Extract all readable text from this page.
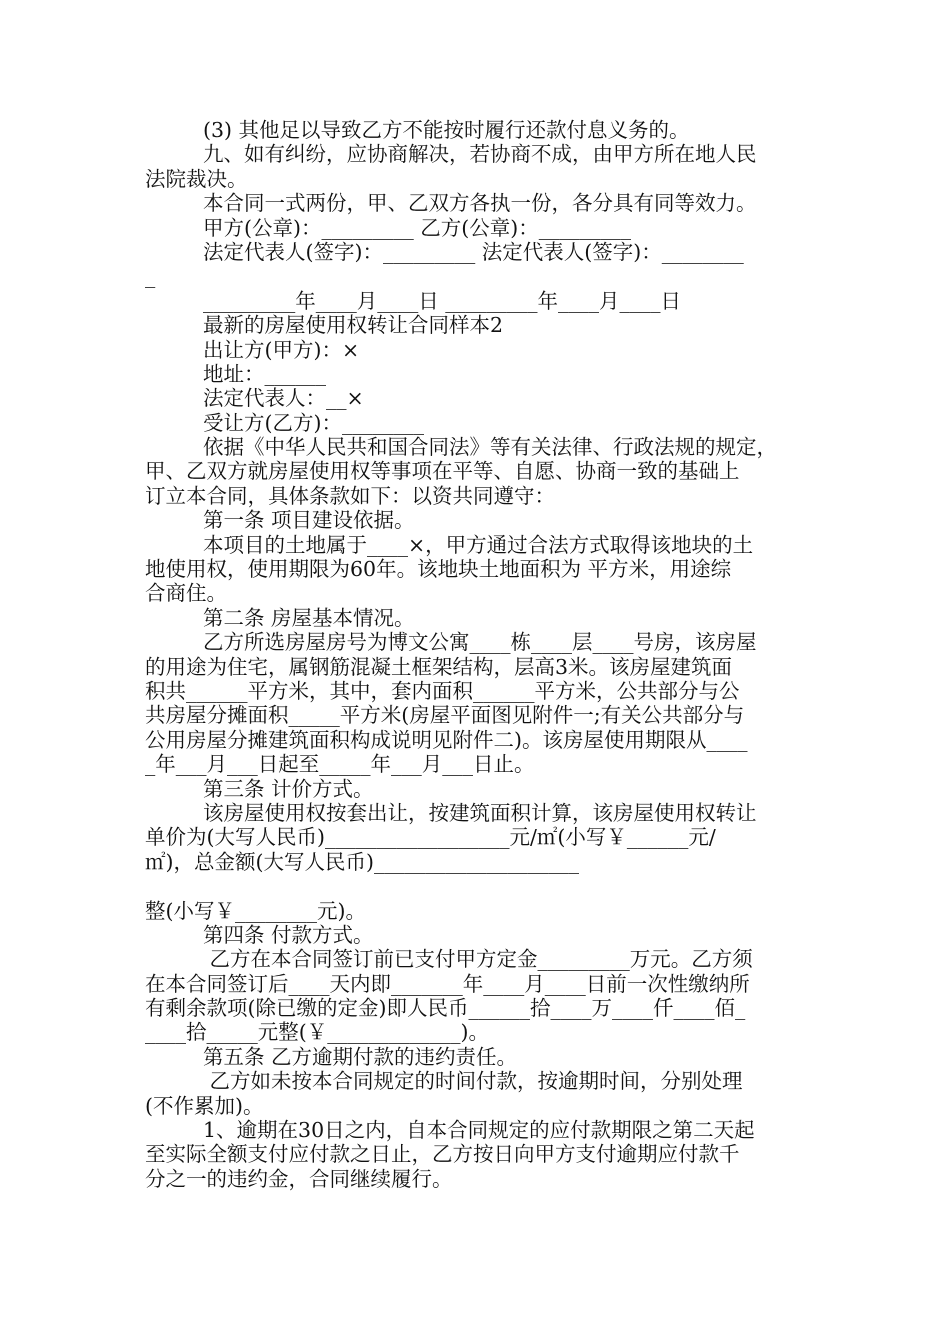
(3) 其他足以导致乙方不能按时履行还款付息义务的。
九、如有纠纷，应协商解决，若协商不成，由甲方所在地人民
法院裁决。
本合同一式两份，甲、乙双方各执一份，各分具有同等效力。
甲方(公章)：_________ 乙方(公章)：_________
法定代表人(签字)：_________ 法定代表人(签字)：________
_
_________年____月____日 _________年____月____日
最新的房屋使用权转让合同样本2
出让方(甲方)：×
地址：______
法定代表人：__×
受让方(乙方)：________
依据《中华人民共和国合同法》等有关法律、行政法规的规定，
甲、乙双方就房屋使用权等事项在平等、自愿、协商一致的基础上
订立本合同，具体条款如下：以资共同遵守：
第一条 项目建设依据。
本项目的土地属于____×，甲方通过合法方式取得该地块的土
地使用权，使用期限为60年。该地块土地面积为 平方米，用途综
合商住。
第二条 房屋基本情况。
乙方所选房屋房号为博文公寓____栋____层____号房，该房屋
的用途为住宅，属钢筋混凝土框架结构，层高3米。该房屋建筑面
积共______平方米，其中，套内面积______平方米，公共部分与公
共房屋分摊面积_____平方米(房屋平面图见附件一;有关公共部分与
公用房屋分摊建筑面积构成说明见附件二)。该房屋使用期限从____
_年___月___日起至_____年___月___日止。
第三条 计价方式。
该房屋使用权按套出让，按建筑面积计算，该房屋使用权转让
单价为(大写人民币)__________________元/㎡(小写￥______元/
㎡)，总金额(大写人民币)____________________
整(小写￥________元)。
第四条 付款方式。
乙方在本合同签订前已支付甲方定金_________万元。乙方须
在本合同签订后____天内即_______年____月____日前一次性缴纳所
有剩余款项(除已缴的定金)即人民币______拾____万____仟____佰_
____拾_____元整(￥_____________)。
第五条 乙方逾期付款的违约责任。
乙方如未按本合同规定的时间付款，按逾期时间，分别处理
(不作累加)。
1、逾期在30日之内，自本合同规定的应付款期限之第二天起
至实际全额支付应付款之日止，乙方按日向甲方支付逾期应付款千
分之一的违约金，合同继续履行。
